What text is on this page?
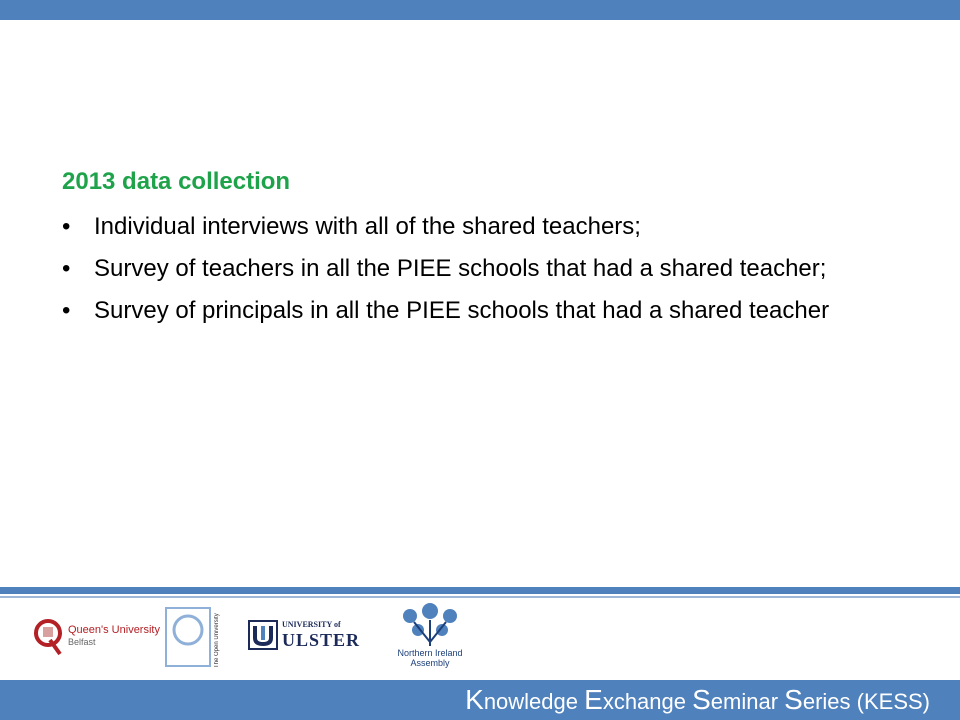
2013 data collection
• Individual interviews with all of the shared teachers;
• Survey of teachers in all the PIEE schools that had a shared teacher;
• Survey of principals in all the PIEE schools that had a shared teacher
Queen's University
Belfast	The Open University	UNIVERSITY of
ULSTER
Northern Ireland
Assembly
Knowledge Exchange Seminar Series (KESS)
